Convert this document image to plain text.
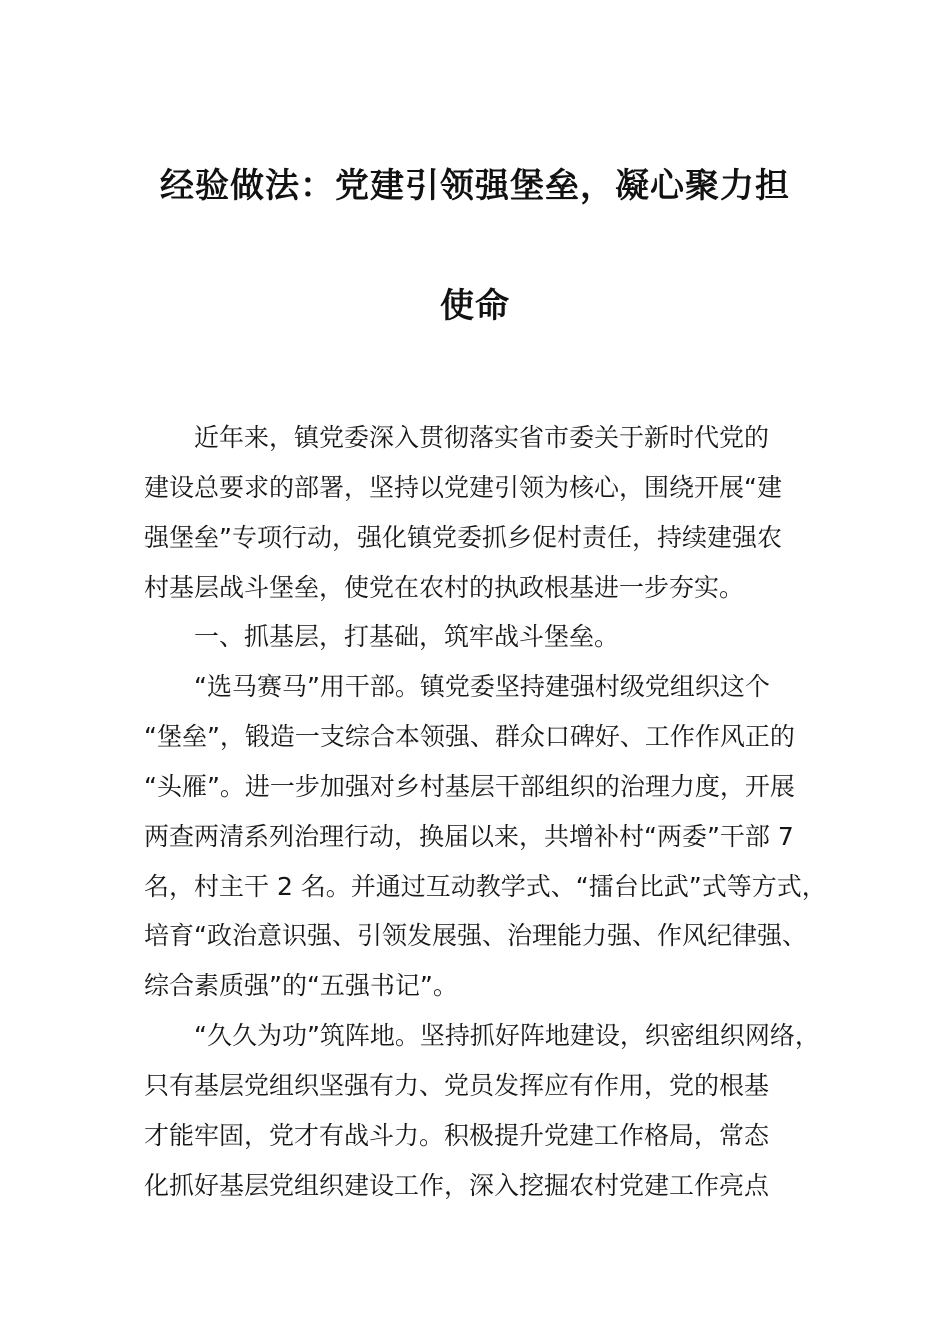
经验做法：党建引领强堡垒，凝心聚力担
使命
　　近年来，镇党委深入贯彻落实省市委关于新时代党的
建设总要求的部署，坚持以党建引领为核心，围绕开展“建
强堡垒”专项行动，强化镇党委抓乡促村责任，持续建强农
村基层战斗堡垒，使党在农村的执政根基进一步夯实。
　　一、抓基层，打基础，筑牢战斗堡垒。
　　“选马赛马”用干部。镇党委坚持建强村级党组织这个
“堡垒”，锻造一支综合本领强、群众口碑好、工作作风正的
“头雁”。进一步加强对乡村基层干部组织的治理力度，开展
两查两清系列治理行动，换届以来，共增补村“两委”干部 7
名，村主干 2 名。并通过互动教学式、“擂台比武”式等方式，
培育“政治意识强、引领发展强、治理能力强、作风纪律强、
综合素质强”的“五强书记”。
　　“久久为功”筑阵地。坚持抓好阵地建设，织密组织网络，
只有基层党组织坚强有力、党员发挥应有作用，党的根基
才能牢固，党才有战斗力。积极提升党建工作格局，常态
化抓好基层党组织建设工作，深入挖掘农村党建工作亮点
